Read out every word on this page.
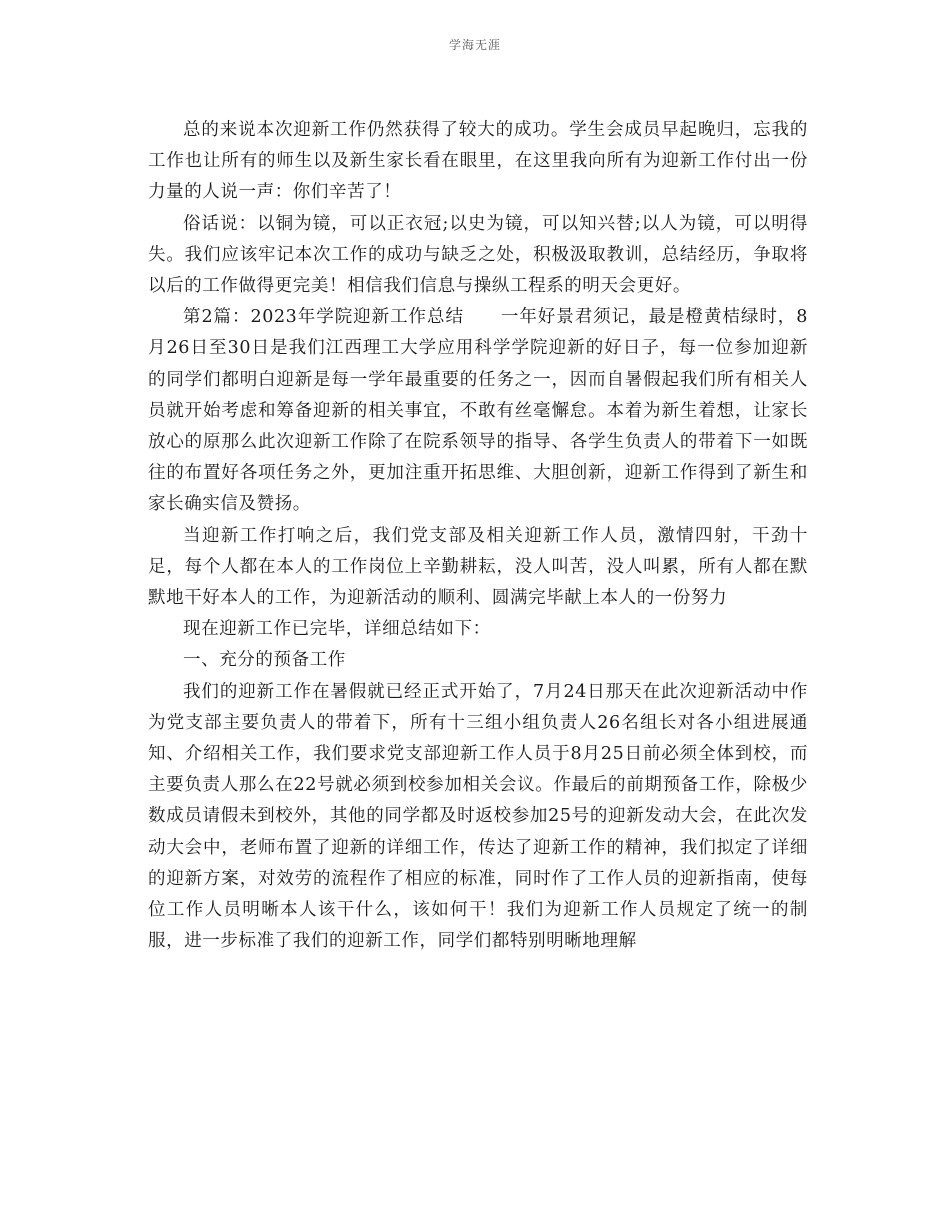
学海无涯

总的来说本次迎新工作仍然获得了较大的成功。学生会成员早起晚归，忘我的工作也让所有的师生以及新生家长看在眼里，在这里我向所有为迎新工作付出一份力量的人说一声：你们辛苦了！

俗话说：以铜为镜，可以正衣冠;以史为镜，可以知兴替;以人为镜，可以明得失。我们应该牢记本次工作的成功与缺乏之处，积极汲取教训，总结经历，争取将以后的工作做得更完美！相信我们信息与操纵工程系的明天会更好。

第2篇：2023年学院迎新工作总结　　一年好景君须记，最是橙黄桔绿时，8月26日至30日是我们江西理工大学应用科学学院迎新的好日子，每一位参加迎新的同学们都明白迎新是每一学年最重要的任务之一，因而自暑假起我们所有相关人员就开始考虑和筹备迎新的相关事宜，不敢有丝毫懈怠。本着为新生着想，让家长放心的原那么此次迎新工作除了在院系领导的指导、各学生负责人的带着下一如既往的布置好各项任务之外，更加注重开拓思维、大胆创新，迎新工作得到了新生和家长确实信及赞扬。

当迎新工作打响之后，我们党支部及相关迎新工作人员，激情四射，干劲十足，每个人都在本人的工作岗位上辛勤耕耘，没人叫苦，没人叫累，所有人都在默默地干好本人的工作，为迎新活动的顺利、圆满完毕献上本人的一份努力

现在迎新工作已完毕，详细总结如下：

一、充分的预备工作

我们的迎新工作在暑假就已经正式开始了，7月24日那天在此次迎新活动中作为党支部主要负责人的带着下，所有十三组小组负责人26名组长对各小组进展通知、介绍相关工作，我们要求党支部迎新工作人员于8月25日前必须全体到校，而主要负责人那么在22号就必须到校参加相关会议。作最后的前期预备工作，除极少数成员请假未到校外，其他的同学都及时返校参加25号的迎新发动大会，在此次发动大会中，老师布置了迎新的详细工作，传达了迎新工作的精神，我们拟定了详细的迎新方案，对效劳的流程作了相应的标准，同时作了工作人员的迎新指南，使每位工作人员明晰本人该干什么，该如何干！我们为迎新工作人员规定了统一的制服，进一步标准了我们的迎新工作，同学们都特别明晰地理解
